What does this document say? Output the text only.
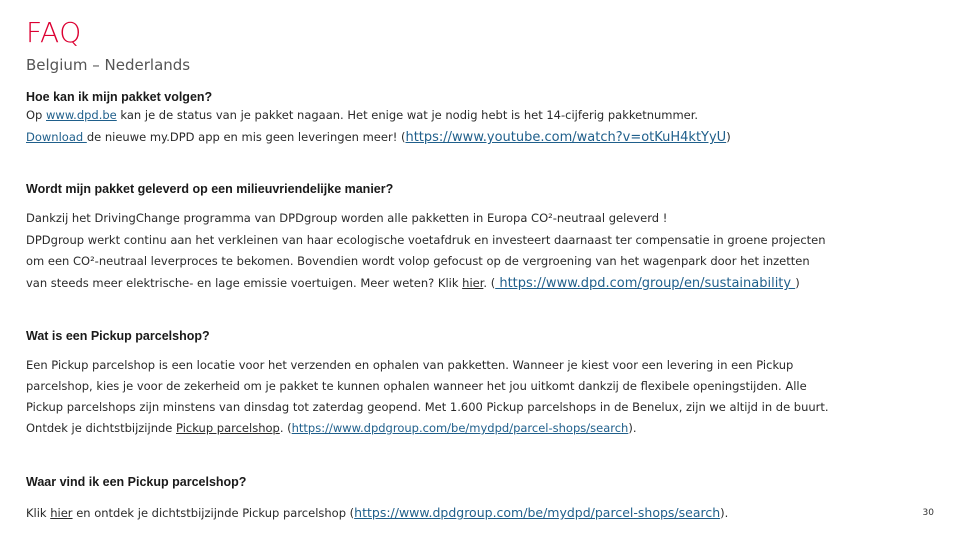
FAQ
Belgium – Nederlands
Hoe kan ik mijn pakket volgen?
Op www.dpd.be kan je de status van je pakket nagaan. Het enige wat je nodig hebt is het 14-cijferig pakketnummer.
Download de nieuwe my.DPD app en mis geen leveringen meer! (https://www.youtube.com/watch?v=otKuH4ktYyU)
Wordt mijn pakket geleverd op een milieuvriendelijke manier?
Dankzij het DrivingChange programma van DPDgroup worden alle pakketten in Europa CO²-neutraal geleverd !
DPDgroup werkt continu aan het verkleinen van haar ecologische voetafdruk en investeert daarnaast ter compensatie in groene projecten
om een CO²-neutraal leverproces te bekomen. Bovendien wordt volop gefocust op de vergroening van het wagenpark door het inzetten
van steeds meer elektrische- en lage emissie voertuigen. Meer weten? Klik hier. ( https://www.dpd.com/group/en/sustainability )
Wat is een Pickup parcelshop?
Een Pickup parcelshop is een locatie voor het verzenden en ophalen van pakketten. Wanneer je kiest voor een levering in een Pickup
parcelshop, kies je voor de zekerheid om je pakket te kunnen ophalen wanneer het jou uitkomt dankzij de flexibele openingstijden. Alle
Pickup parcelshops zijn minstens van dinsdag tot zaterdag geopend. Met 1.600 Pickup parcelshops in de Benelux, zijn we altijd in de buurt.
Ontdek je dichtstbijzijnde Pickup parcelshop. (https://www.dpdgroup.com/be/mydpd/parcel-shops/search).
Waar vind ik een Pickup parcelshop?
Klik hier en ontdek je dichtstbijzijnde Pickup parcelshop (https://www.dpdgroup.com/be/mydpd/parcel-shops/search).	30
